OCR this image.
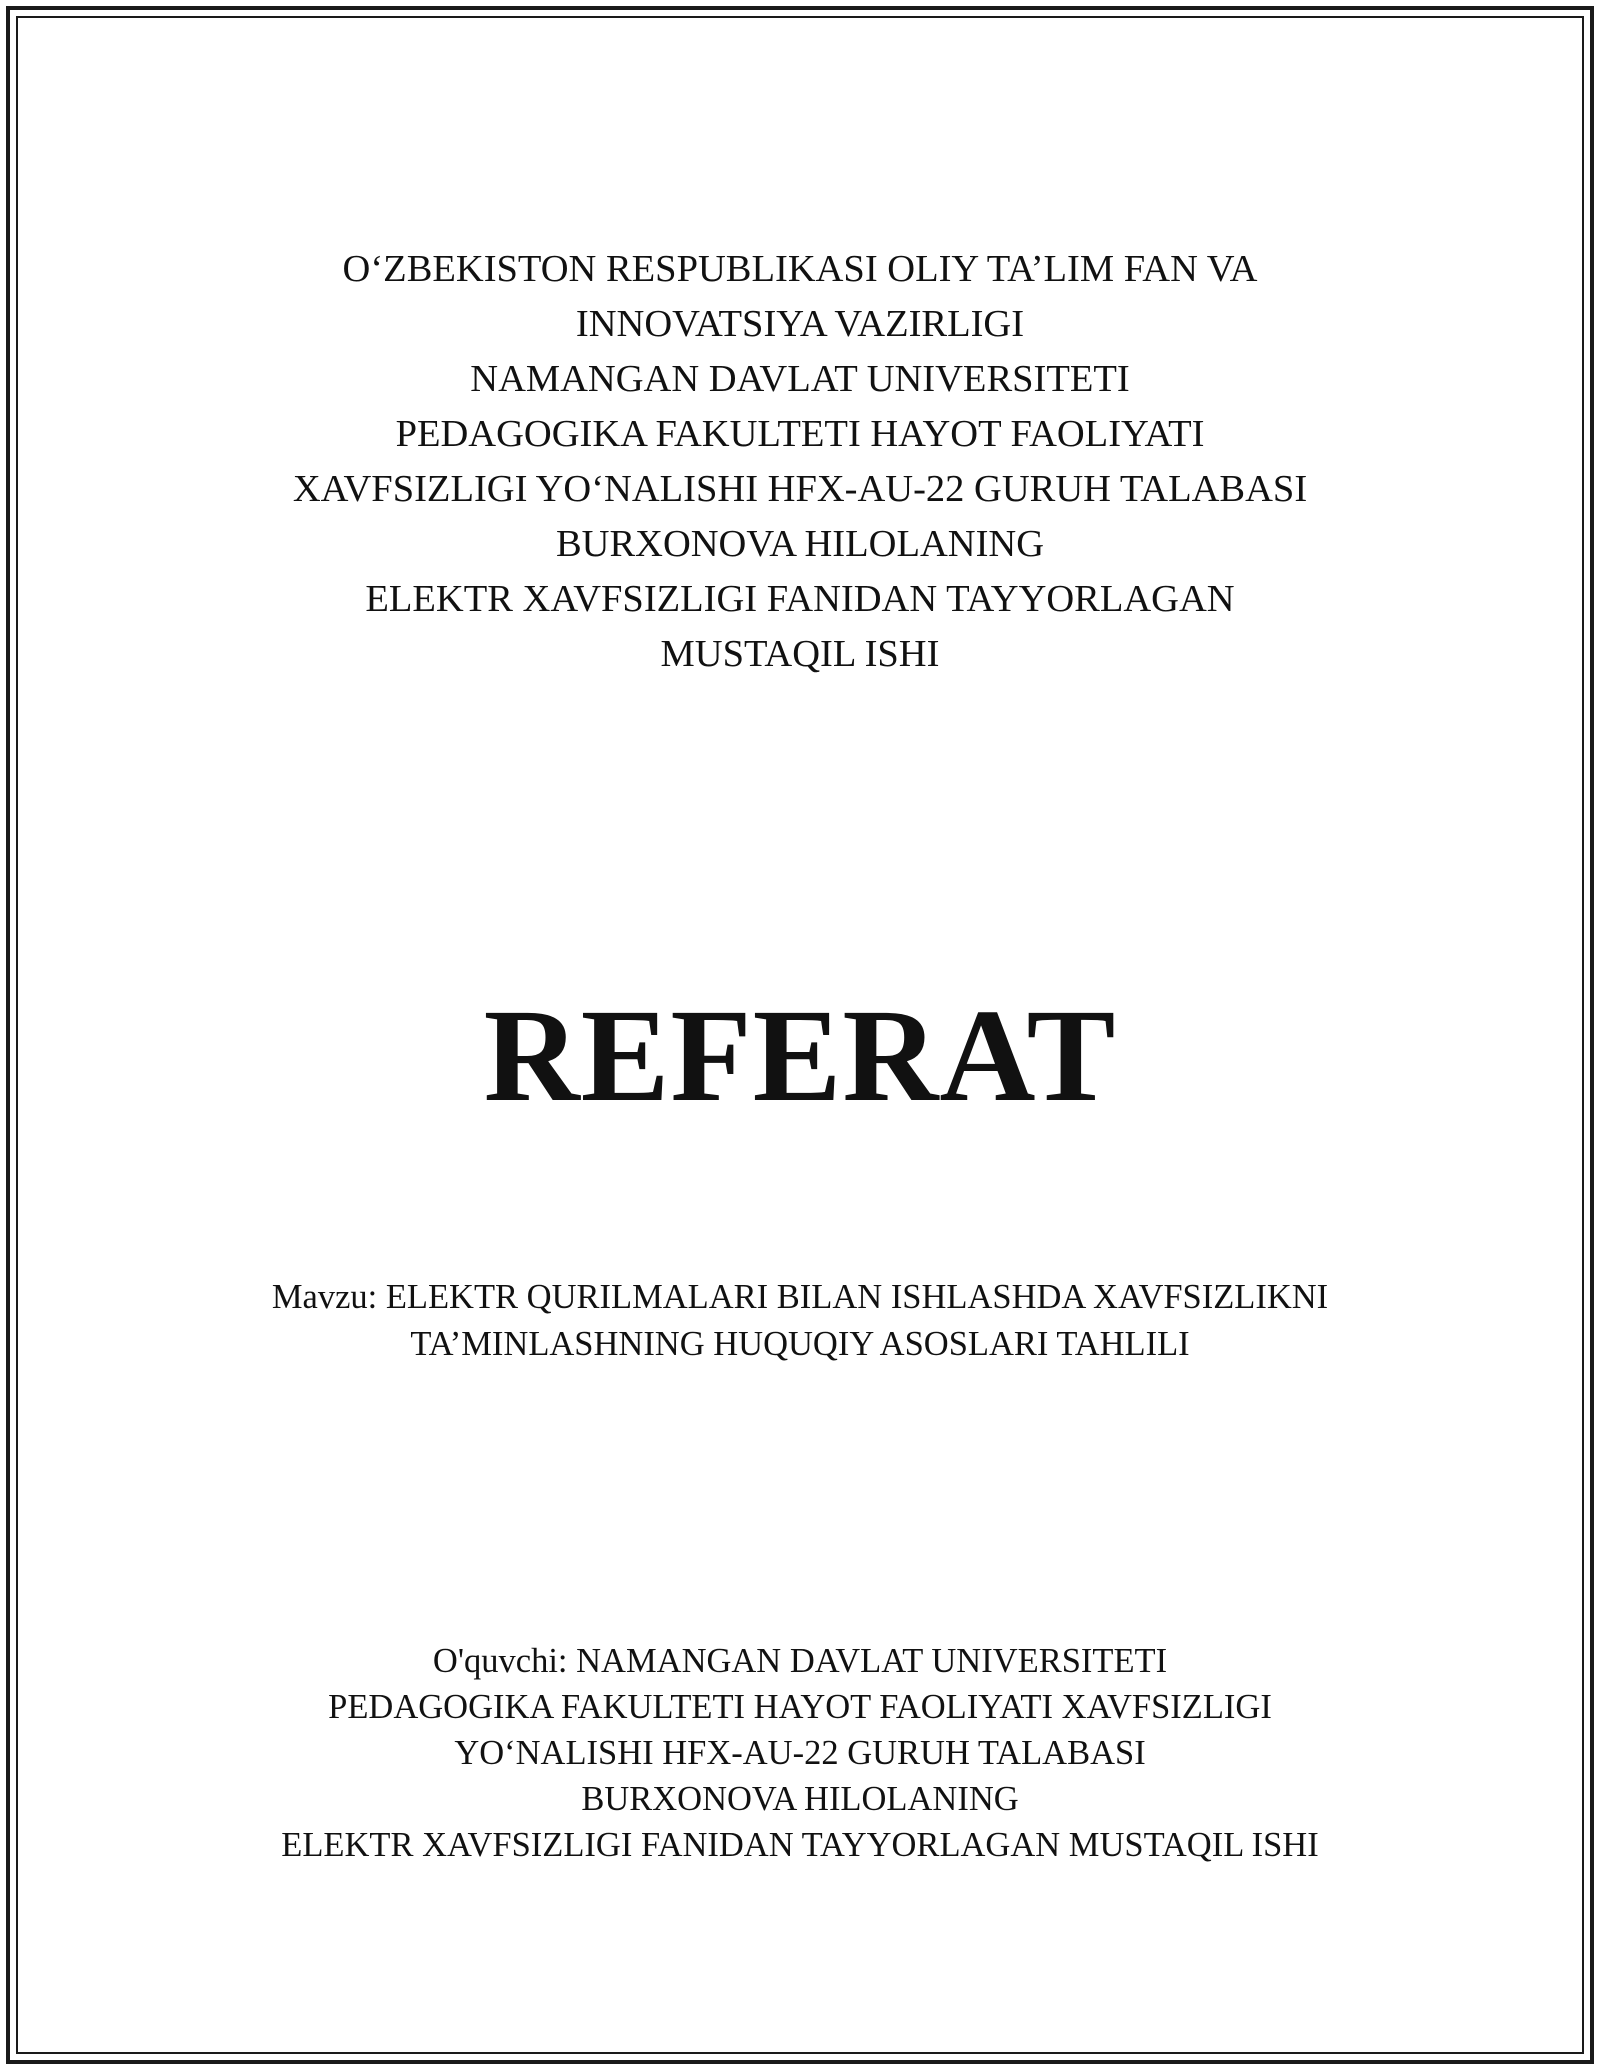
O‘ZBEKISTON RESPUBLIKASI OLIY TA’LIM FAN VA
INNOVATSIYA VAZIRLIGI
NAMANGAN DAVLAT UNIVERSITETI
PEDAGOGIKA FAKULTETI HAYOT FAOLIYATI
XAVFSIZLIGI YO‘NALISHI HFX-AU-22 GURUH TALABASI
BURXONOVA HILOLANING
ELEKTR XAVFSIZLIGI FANIDAN TAYYORLAGAN
MUSTAQIL ISHI
REFERAT
Mavzu: ELEKTR QURILMALARI BILAN ISHLASHDA XAVFSIZLIKNI
TA’MINLASHNING HUQUQIY ASOSLARI TAHLILI
O'quvchi: NAMANGAN DAVLAT UNIVERSITETI
PEDAGOGIKA FAKULTETI HAYOT FAOLIYATI XAVFSIZLIGI
YO‘NALISHI HFX-AU-22 GURUH TALABASI
BURXONOVA HILOLANING
ELEKTR XAVFSIZLIGI FANIDAN TAYYORLAGAN MUSTAQIL ISHI
